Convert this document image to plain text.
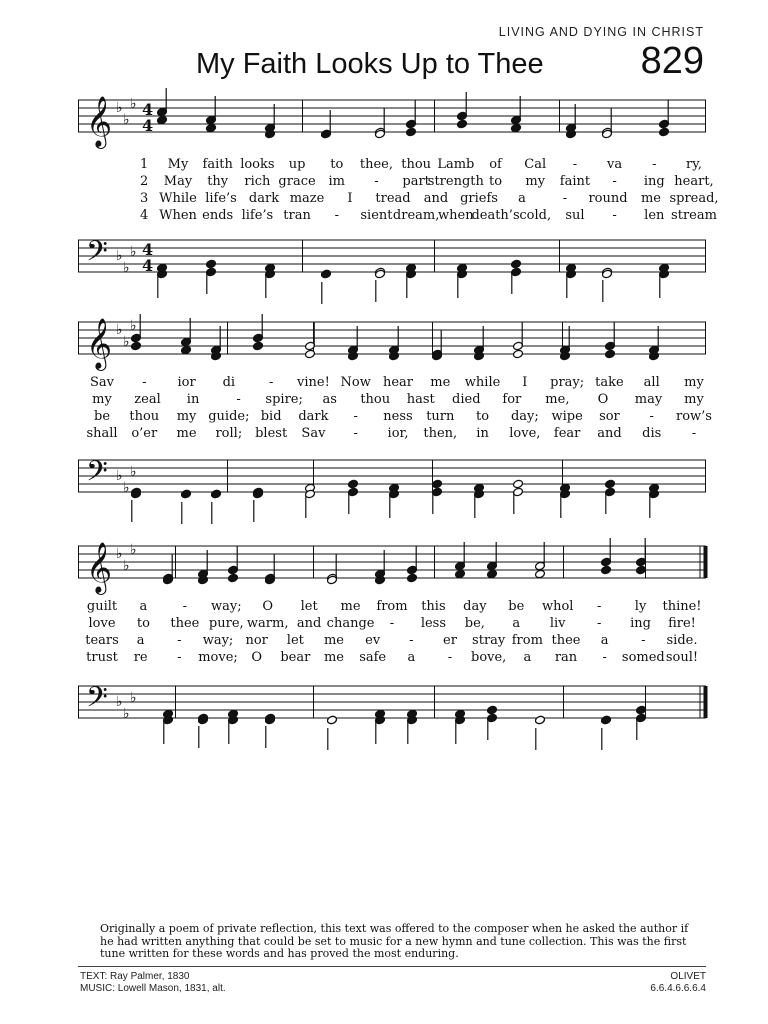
LIVING AND DYING IN CHRIST
My Faith Looks Up to Thee	829
𝄞 ♭
♭
♭ 4
4
1 My faith looks up to thee, thou Lamb of Cal - va - ry,
2 May thy rich grace im - part
strength to my faint - ing heart,
3 While life’s dark maze I tread and griefs a	- round me spread,
4 When ends life’s tran - sient dream,
when
death’s cold, sul - len stream
𝄢 ♭
♭
♭ 4
4
𝄞 ♭
♭
♭
Sav - ior di	- vine! Now hear me while I pray; take all my
my zeal in	- spire; as thou hast died for me, O may my
be thou my guide; bid dark - ness turn to day; wipe sor - row’s
shall o’er me roll; blest Sav - ior, then, in love, fear and dis -
𝄢 ♭
♭
♭
𝄞 ♭
♭
♭
guilt a	- way; O let me from this day be whol -	ly thine!
love to thee pure, warm, and change - less be, a liv - ing fire!
tears a	- way; nor let me ev - er stray from thee a	- side.
trust re - move; O bear me safe a	- bove, a ran - somed soul!
𝄢 ♭
♭
♭
Originally a poem of private reflection, this text was offered to the composer when he asked the author if he had written anything that could be set to music for a new hymn and tune collection. This was the first tune written for these words and has proved the most enduring.
TEXT: Ray Palmer, 1830
MUSIC: Lowell Mason, 1831, alt.
OLIVET
6.6.4.6.6.6.4
